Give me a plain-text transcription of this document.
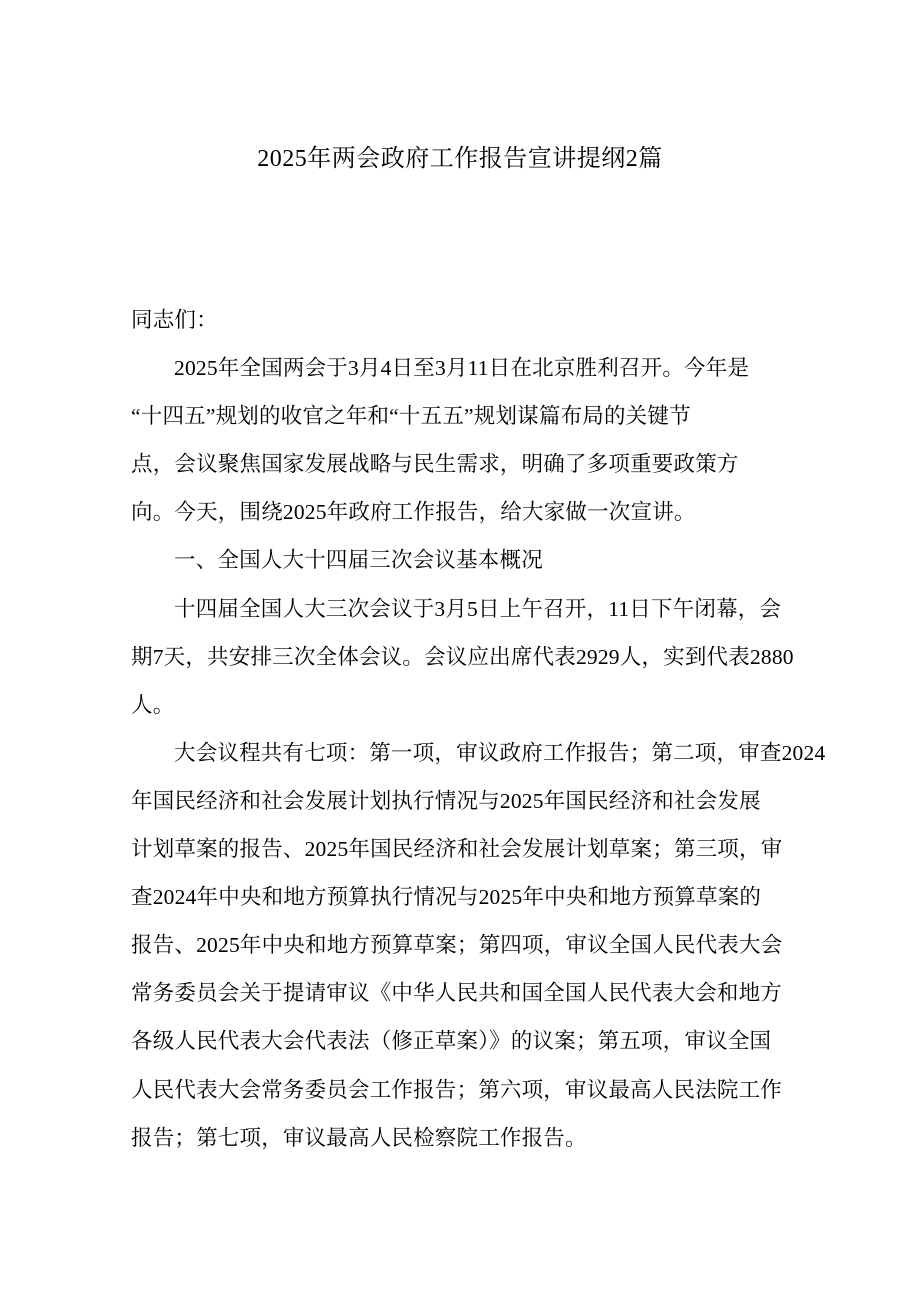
2025年两会政府工作报告宣讲提纲2篇
同志们：
2025年全国两会于3月4日至3月11日在北京胜利召开。今年是
“十四五”规划的收官之年和“十五五”规划谋篇布局的关键节
点，会议聚焦国家发展战略与民生需求，明确了多项重要政策方
向。今天，围绕2025年政府工作报告，给大家做一次宣讲。
一、全国人大十四届三次会议基本概况
十四届全国人大三次会议于3月5日上午召开，11日下午闭幕，会
期7天，共安排三次全体会议。会议应出席代表2929人，实到代表2880
人。
大会议程共有七项：第一项，审议政府工作报告；第二项，审查2024
年国民经济和社会发展计划执行情况与2025年国民经济和社会发展
计划草案的报告、2025年国民经济和社会发展计划草案；第三项，审
查2024年中央和地方预算执行情况与2025年中央和地方预算草案的
报告、2025年中央和地方预算草案；第四项，审议全国人民代表大会
常务委员会关于提请审议《中华人民共和国全国人民代表大会和地方
各级人民代表大会代表法（修正草案）》的议案；第五项，审议全国
人民代表大会常务委员会工作报告；第六项，审议最高人民法院工作
报告；第七项，审议最高人民检察院工作报告。
